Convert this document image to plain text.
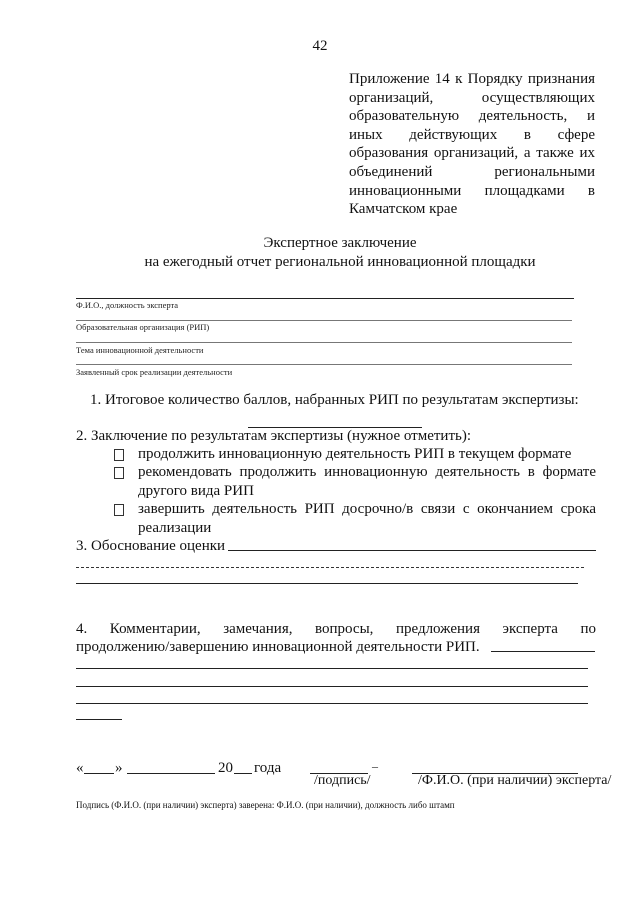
42
Приложение 14 к Порядку признания организаций, осуществляющих образовательную деятельность, и иных действующих в сфере образования организаций, а также их объединений региональными инновационными площадками в Камчатском крае
Экспертное заключение
на ежегодный отчет региональной инновационной площадки
Ф.И.О., должность эксперта
Образовательная организация (РИП)
Тема инновационной деятельности
Заявленный срок реализации деятельности
1. Итоговое количество баллов, набранных РИП по результатам экспертизы:
2. Заключение по результатам экспертизы (нужное отметить):
продолжить инновационную деятельность РИП в текущем формате
рекомендовать продолжить инновационную деятельность в формате другого вида РИП
завершить деятельность РИП досрочно/в связи с окончанием срока реализации
3. Обоснование оценки
4. Комментарии, замечания, вопросы, предложения эксперта по
продолжению/завершению инновационной деятельности РИП.
« »	20 года	–
/подпись/	/Ф.И.О. (при наличии) эксперта/
Подпись (Ф.И.О. (при наличии) эксперта) заверена: Ф.И.О. (при наличии), должность либо штамп
